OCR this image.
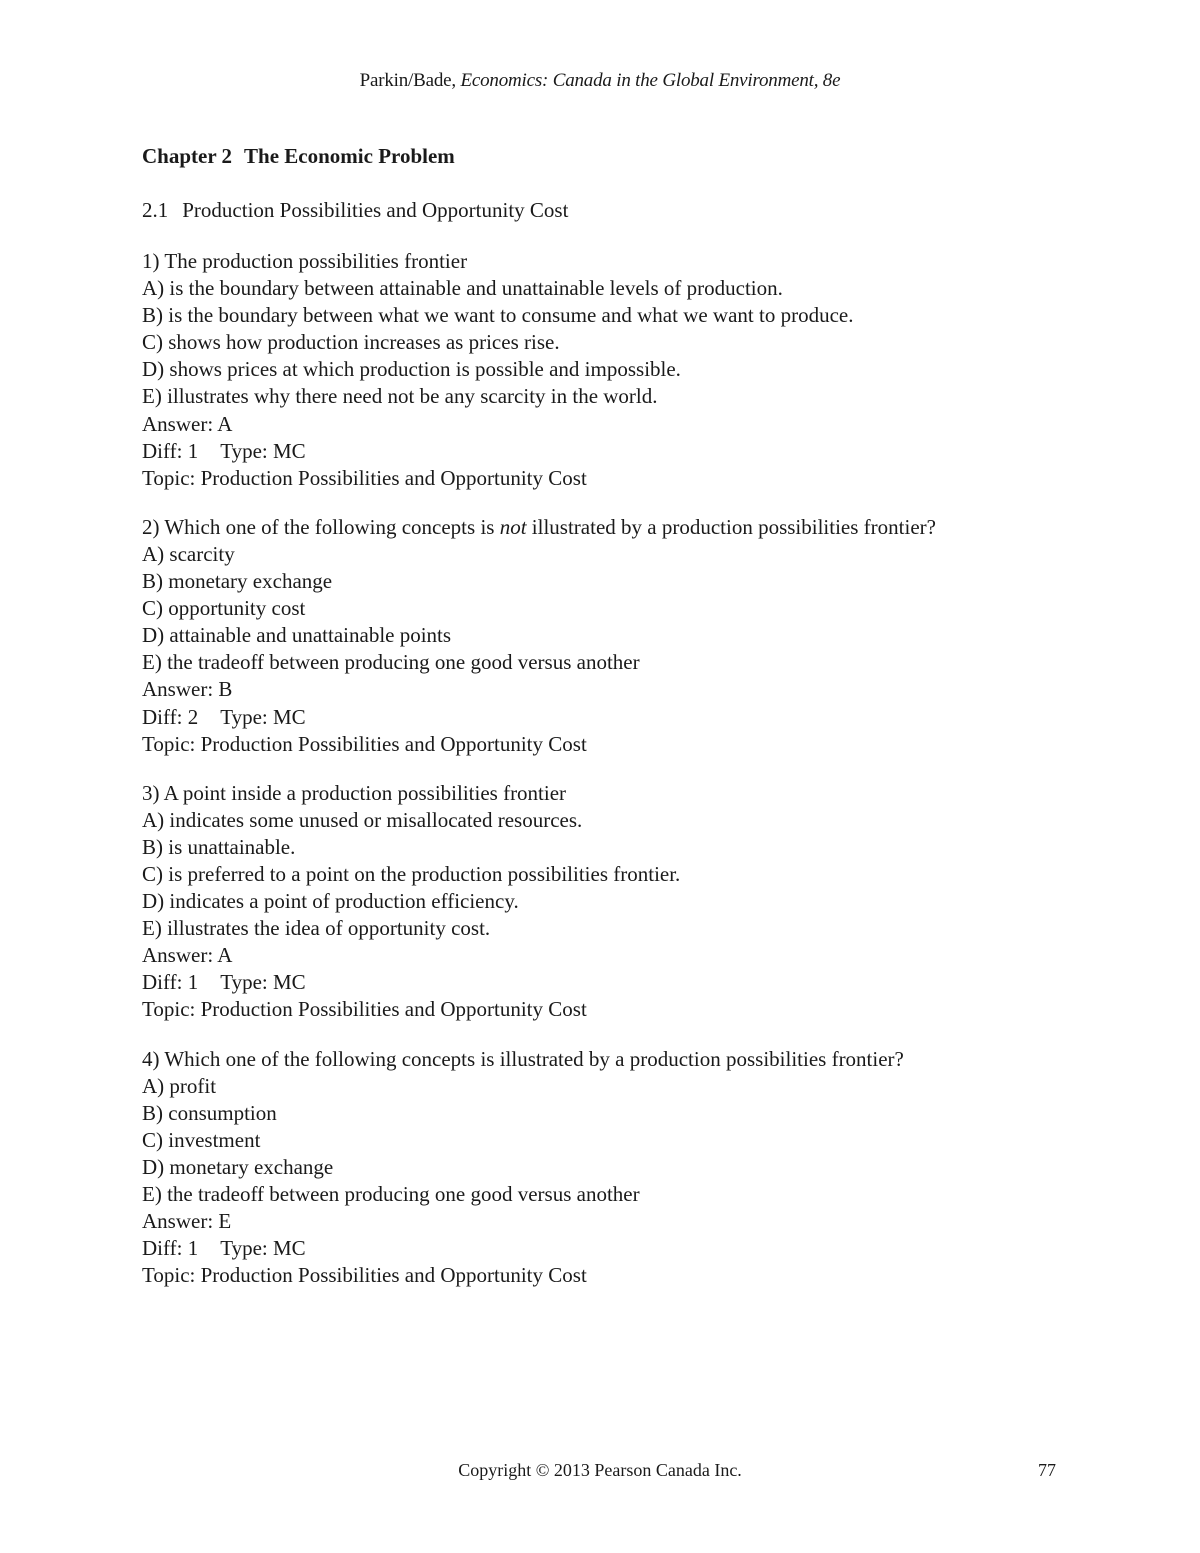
Parkin/Bade, Economics: Canada in the Global Environment, 8e
Chapter 2 The Economic Problem
2.1 Production Possibilities and Opportunity Cost
1) The production possibilities frontier
A) is the boundary between attainable and unattainable levels of production.
B) is the boundary between what we want to consume and what we want to produce.
C) shows how production increases as prices rise.
D) shows prices at which production is possible and impossible.
E) illustrates why there need not be any scarcity in the world.
Answer: A
Diff: 1 Type: MC
Topic: Production Possibilities and Opportunity Cost
2) Which one of the following concepts is not illustrated by a production possibilities frontier?
A) scarcity
B) monetary exchange
C) opportunity cost
D) attainable and unattainable points
E) the tradeoff between producing one good versus another
Answer: B
Diff: 2 Type: MC
Topic: Production Possibilities and Opportunity Cost
3) A point inside a production possibilities frontier
A) indicates some unused or misallocated resources.
B) is unattainable.
C) is preferred to a point on the production possibilities frontier.
D) indicates a point of production efficiency.
E) illustrates the idea of opportunity cost.
Answer: A
Diff: 1 Type: MC
Topic: Production Possibilities and Opportunity Cost
4) Which one of the following concepts is illustrated by a production possibilities frontier?
A) profit
B) consumption
C) investment
D) monetary exchange
E) the tradeoff between producing one good versus another
Answer: E
Diff: 1 Type: MC
Topic: Production Possibilities and Opportunity Cost
Copyright © 2013 Pearson Canada Inc.	77
